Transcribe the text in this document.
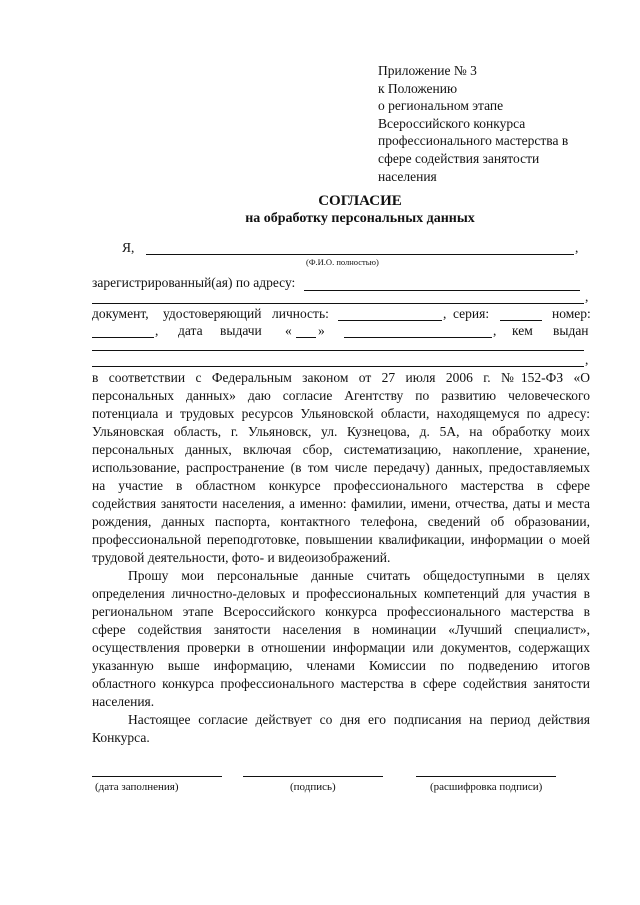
Приложение № 3
к Положению
о региональном этапе
Всероссийского конкурса
профессионального мастерства в
сфере содействия занятости
населения
СОГЛАСИЕ
на обработку персональных данных
Я,	,
(Ф.И.О. полностью)
зарегистрированный(ая) по адресу:
,
документ, удостоверяющий личность:	, серия:	номер:
, дата выдачи « »	, кем выдан
,
в соответствии с Федеральным законом от 27 июля 2006 г. №152-ФЗ «О
персональных данных» даю согласие Агентству по развитию человеческого
потенциала и трудовых ресурсов Ульяновской области, находящемуся по адресу:
Ульяновская область, г. Ульяновск, ул. Кузнецова, д. 5А, на обработку моих
персональных данных, включая сбор, систематизацию, накопление, хранение,
использование, распространение (в том числе передачу) данных, предоставляемых
на участие в областном конкурсе профессионального мастерства в сфере
содействия занятости населения, а именно: фамилии, имени, отчества, даты и места
рождения, данных паспорта, контактного телефона, сведений об образовании,
профессиональной переподготовке, повышении квалификации, информации о моей
трудовой деятельности, фото- и видеоизображений.
Прошу мои персональные данные считать общедоступными в целях
определения личностно-деловых и профессиональных компетенций для участия в
региональном этапе Всероссийского конкурса профессионального мастерства в
сфере содействия занятости населения в номинации «Лучший специалист»,
осуществления проверки в отношении информации или документов, содержащих
указанную выше информацию, членами Комиссии по подведению итогов
областного конкурса профессионального мастерства в сфере содействия занятости
населения.
Настоящее согласие действует со дня его подписания на период действия
Конкурса.
(дата заполнения)	(подпись)	(расшифровка подписи)
